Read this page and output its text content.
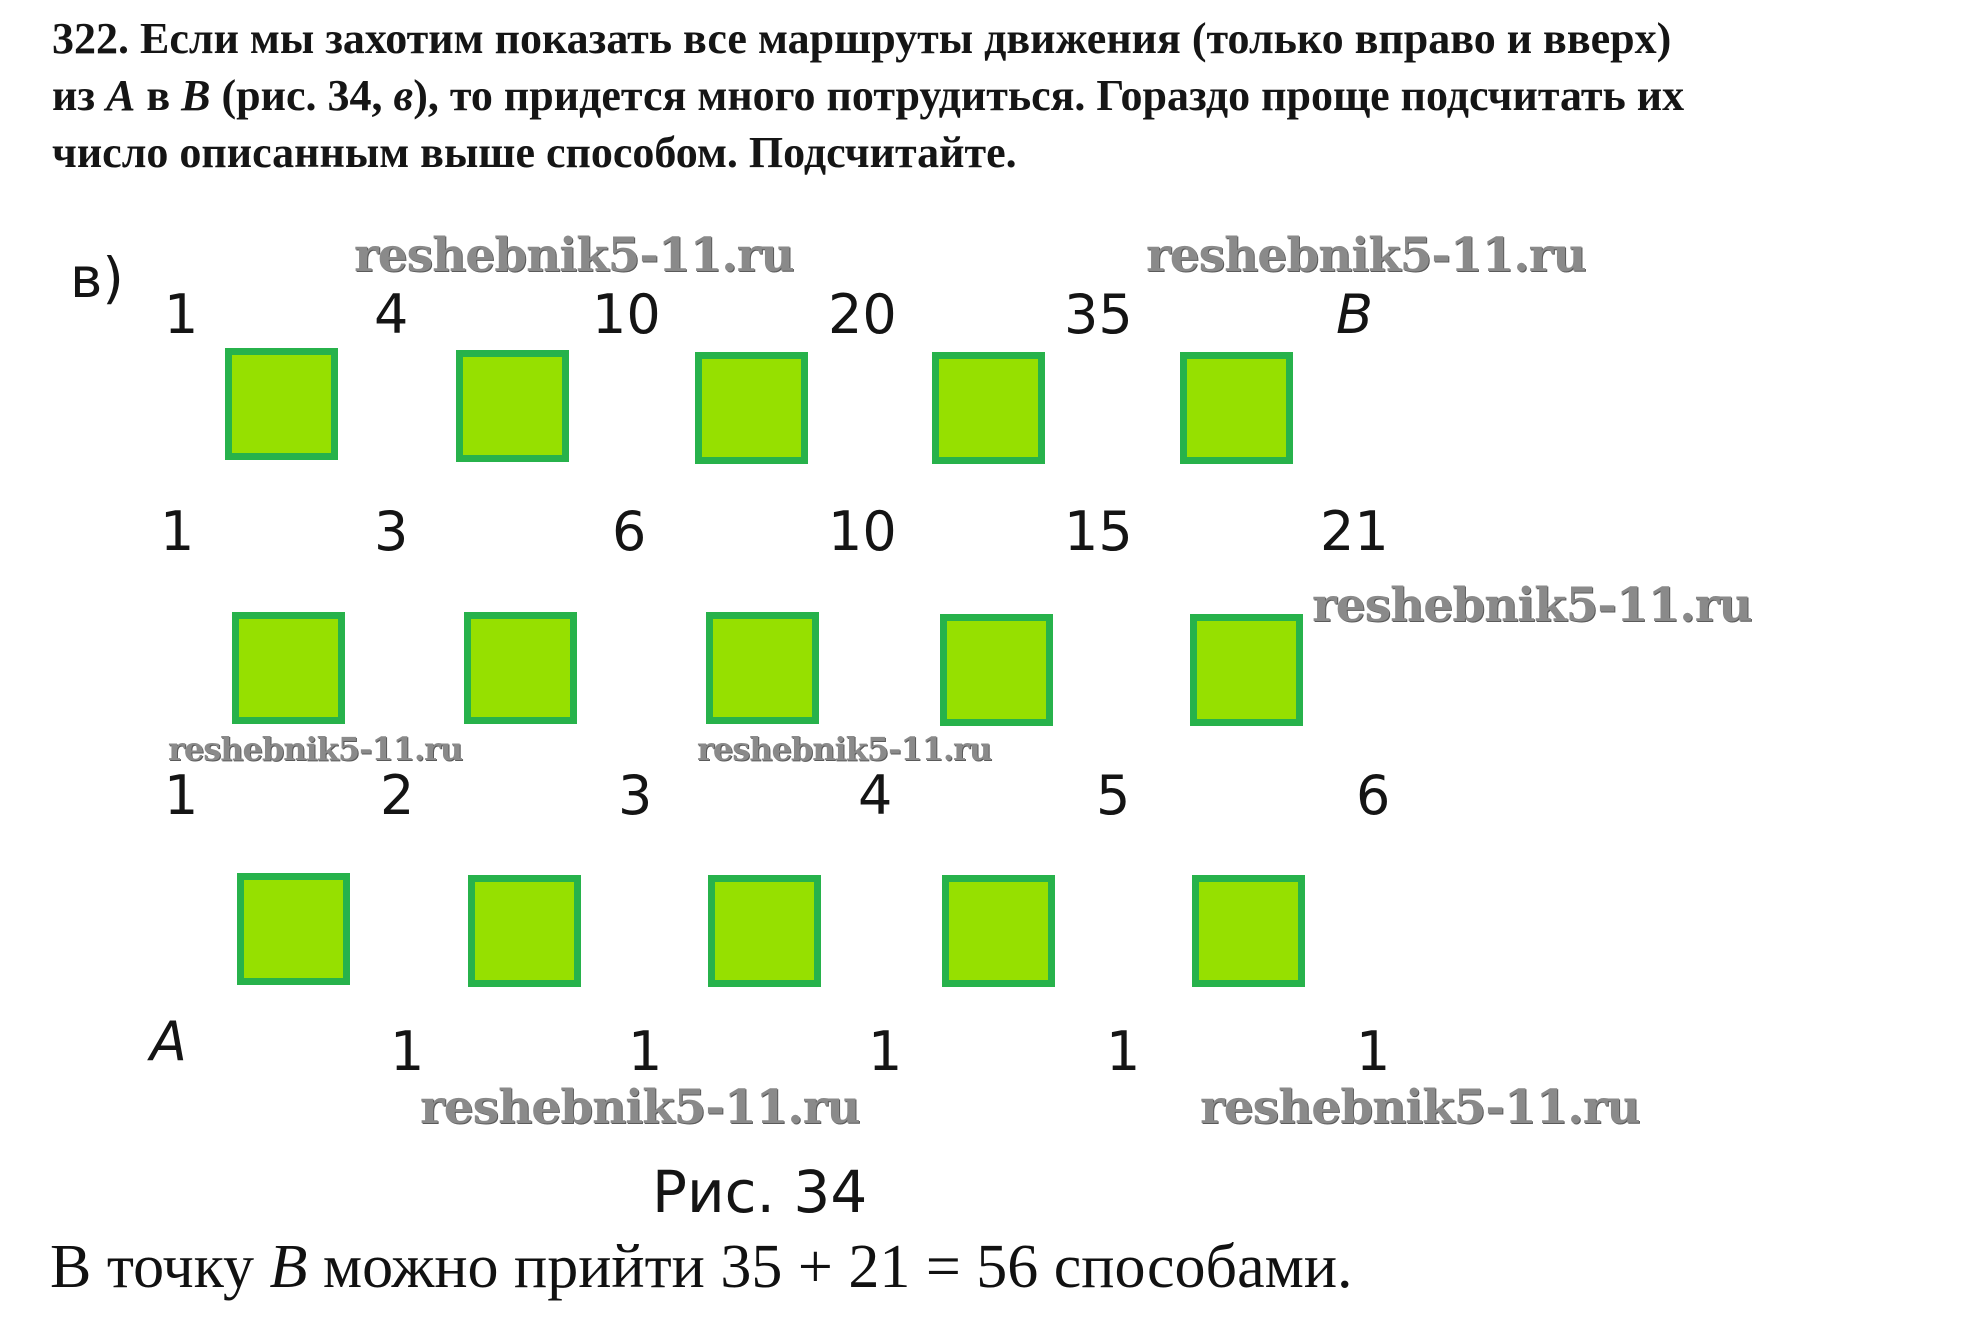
322. Если мы захотим показать все маршруты движения (только вправо и вверх)
из A в B (рис. 34, в), то придется много потрудиться. Гораздо проще подсчитать их
число описанным выше способом. Подсчитайте.
в)
1	4	10	20	35	B
1	3	6	10	15	21
1	2	3	4	5	6
A	1	1	1	1	1
Рис. 34
reshebnik5-11.ru	reshebnik5-11.ru
reshebnik5-11.ru
reshebnik5-11.ru	reshebnik5-11.ru
reshebnik5-11.ru	reshebnik5-11.ru
В точку B можно прийти 35 + 21 = 56 способами.
